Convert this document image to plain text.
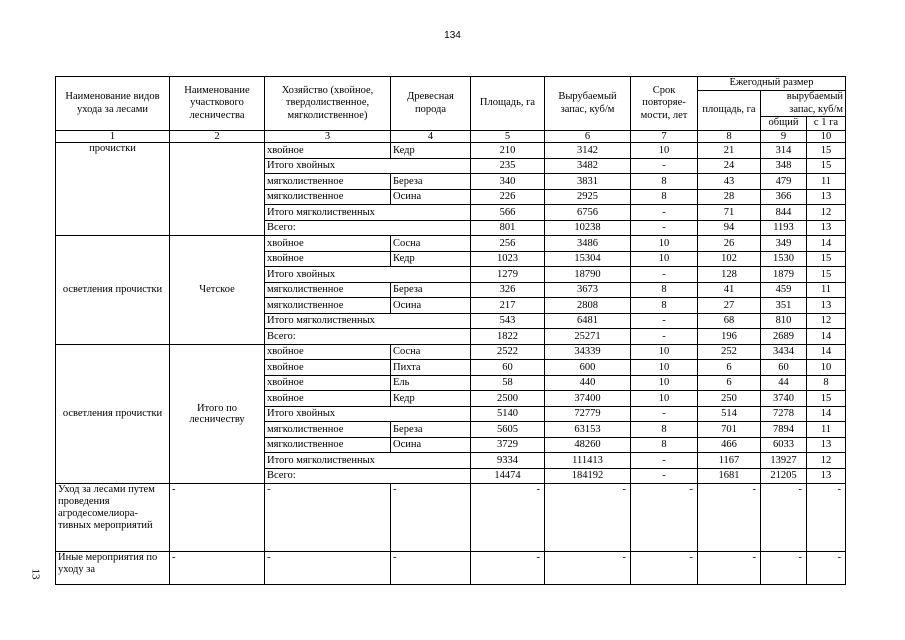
134
13
Наименование видов ухода за лесами	Наименование участкового лесничества	Хозяйство (хвойное, твердолиственное, мягколиственное)	Древесная порода	Площадь, га	Вырубаемый запас, куб/м	Срок повторяе-мости, лет	Ежегодный размер		
							площадь, га	вырубаемый запас, куб/м	
								общий	с 1 га
1	2	3	4	5	6	7	8	9	10
прочистки		хвойное	Кедр	210	3142	10	21	314	15
		Итого хвойных		235	3482	-	24	348	15
		мягколиственное	Береза	340	3831	8	43	479	11
		мягколиственное	Осина	226	2925	8	28	366	13
		Итого мягколиственных		566	6756	-	71	844	12
		Всего:		801	10238	-	94	1193	13
осветления прочистки	Четское	хвойное	Сосна	256	3486	10	26	349	14
		хвойное	Кедр	1023	15304	10	102	1530	15
		Итого хвойных		1279	18790	-	128	1879	15
		мягколиственное	Береза	326	3673	8	41	459	11
		мягколиственное	Осина	217	2808	8	27	351	13
		Итого мягколиственных		543	6481	-	68	810	12
		Всего:		1822	25271	-	196	2689	14
осветления прочистки	Итого по лесничеству	хвойное	Сосна	2522	34339	10	252	3434	14
		хвойное	Пихта	60	600	10	6	60	10
		хвойное	Ель	58	440	10	6	44	8
		хвойное	Кедр	2500	37400	10	250	3740	15
		Итого хвойных		5140	72779	-	514	7278	14
		мягколиственное	Береза	5605	63153	8	701	7894	11
		мягколиственное	Осина	3729	48260	8	466	6033	13
		Итого мягколиственных		9334	111413	-	1167	13927	12
		Всего:		14474	184192	-	1681	21205	13
Уход за лесами путем проведения агродесомелиора-тивных мероприятий	-	-	-	-	-	-	-	-	-
Иные мероприятия по уходу за	-	-	-	-	-	-	-	-	-
